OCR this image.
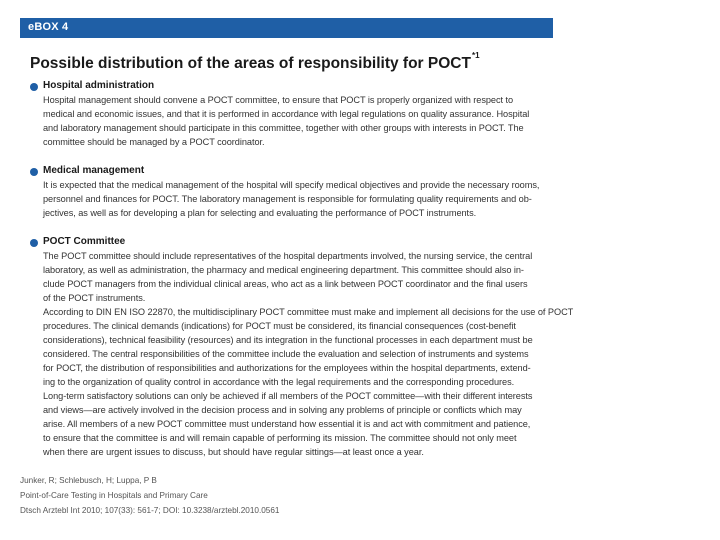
eBOX 4
Possible distribution of the areas of responsibility for POCT$^{*1}$
Hospital administration
Hospital management should convene a POCT committee, to ensure that POCT is properly organized with respect to
medical and economic issues, and that it is performed in accordance with legal regulations on quality assurance. Hospital
and laboratory management should participate in this committee, together with other groups with interests in POCT. The
committee should be managed by a POCT coordinator.
Medical management
It is expected that the medical management of the hospital will specify medical objectives and provide the necessary rooms,
personnel and finances for POCT. The laboratory management is responsible for formulating quality requirements and ob-
jectives, as well as for developing a plan for selecting and evaluating the performance of POCT instruments.
POCT Committee
The POCT committee should include representatives of the hospital departments involved, the nursing service, the central
laboratory, as well as administration, the pharmacy and medical engineering department. This committee should also in-
clude POCT managers from the individual clinical areas, who act as a link between POCT coordinator and the final users
of the POCT instruments.
According to DIN EN ISO 22870, the multidisciplinary POCT committee must make and implement all decisions for the use of POCT
procedures. The clinical demands (indications) for POCT must be considered, its financial consequences (cost-benefit
considerations), technical feasibility (resources) and its integration in the functional processes in each department must be
considered. The central responsibilities of the committee include the evaluation and selection of instruments and systems
for POCT, the distribution of responsibilities and authorizations for the employees within the hospital departments, extend-
ing to the organization of quality control in accordance with the legal requirements and the corresponding procedures.
Long-term satisfactory solutions can only be achieved if all members of the POCT committee—with their different interests
and views—are actively involved in the decision process and in solving any problems of principle or conflicts which may
arise. All members of a new POCT committee must understand how essential it is and act with commitment and patience,
to ensure that the committee is and will remain capable of performing its mission. The committee should not only meet
when there are urgent issues to discuss, but should have regular sittings—at least once a year.
Junker, R; Schlebusch, H; Luppa, P B
Point-of-Care Testing in Hospitals and Primary Care
Dtsch Arztebl Int 2010; 107(33): 561-7; DOI: 10.3238/arztebl.2010.0561
